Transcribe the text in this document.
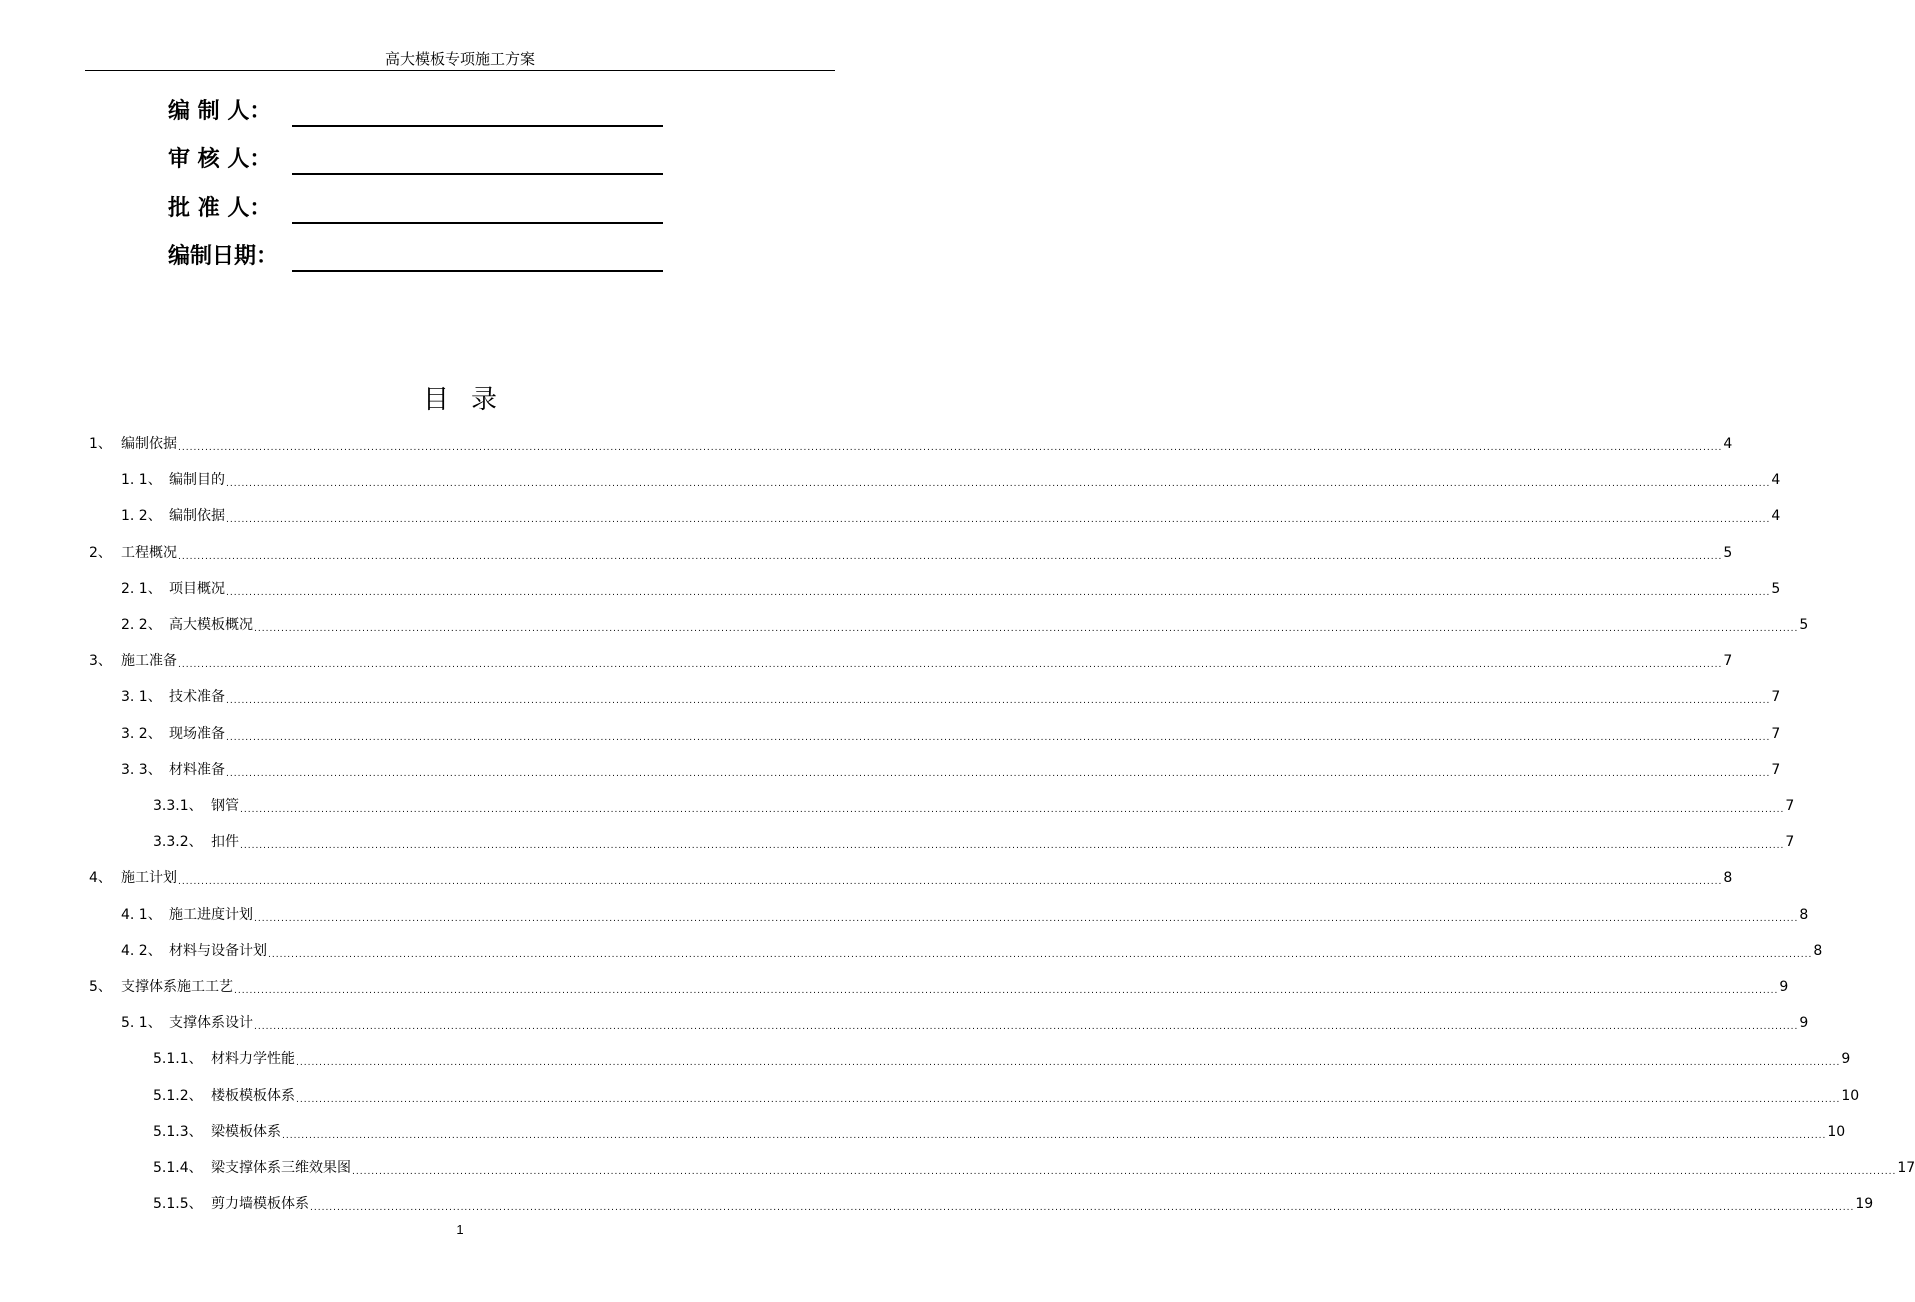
高大模板专项施工方案
编 制 人：
审 核 人：
批 准 人：
编制日期：
目录
1、 编制依据 ................................................................................................................................................................................................................................................................................................................................................................................................................ 4
1. 1、 编制目的 ................................................................................................................................................................................................................................................................................................................................................................................................................ 4
1. 2、 编制依据 ................................................................................................................................................................................................................................................................................................................................................................................................................ 4
2、 工程概况 ................................................................................................................................................................................................................................................................................................................................................................................................................ 5
2. 1、 项目概况 ................................................................................................................................................................................................................................................................................................................................................................................................................ 5
2. 2、 高大模板概况 ................................................................................................................................................................................................................................................................................................................................................................................................................ 5
3、 施工准备 ................................................................................................................................................................................................................................................................................................................................................................................................................ 7
3. 1、 技术准备 ................................................................................................................................................................................................................................................................................................................................................................................................................ 7
3. 2、 现场准备 ................................................................................................................................................................................................................................................................................................................................................................................................................ 7
3. 3、 材料准备 ................................................................................................................................................................................................................................................................................................................................................................................................................ 7
3.3.1、 钢管 ................................................................................................................................................................................................................................................................................................................................................................................................................ 7
3.3.2、 扣件 ................................................................................................................................................................................................................................................................................................................................................................................................................ 7
4、 施工计划 ................................................................................................................................................................................................................................................................................................................................................................................................................ 8
4. 1、 施工进度计划 ................................................................................................................................................................................................................................................................................................................................................................................................................ 8
4. 2、 材料与设备计划 ................................................................................................................................................................................................................................................................................................................................................................................................................ 8
5、 支撑体系施工工艺 ................................................................................................................................................................................................................................................................................................................................................................................................................ 9
5. 1、 支撑体系设计 ................................................................................................................................................................................................................................................................................................................................................................................................................ 9
5.1.1、 材料力学性能 ................................................................................................................................................................................................................................................................................................................................................................................................................ 9
5.1.2、 楼板模板体系 ................................................................................................................................................................................................................................................................................................................................................................................................................ 10
5.1.3、 梁模板体系 ................................................................................................................................................................................................................................................................................................................................................................................................................ 10
5.1.4、 梁支撑体系三维效果图 ................................................................................................................................................................................................................................................................................................................................................................................................................ 17
5.1.5、 剪力墙模板体系 ................................................................................................................................................................................................................................................................................................................................................................................................................ 19
1
